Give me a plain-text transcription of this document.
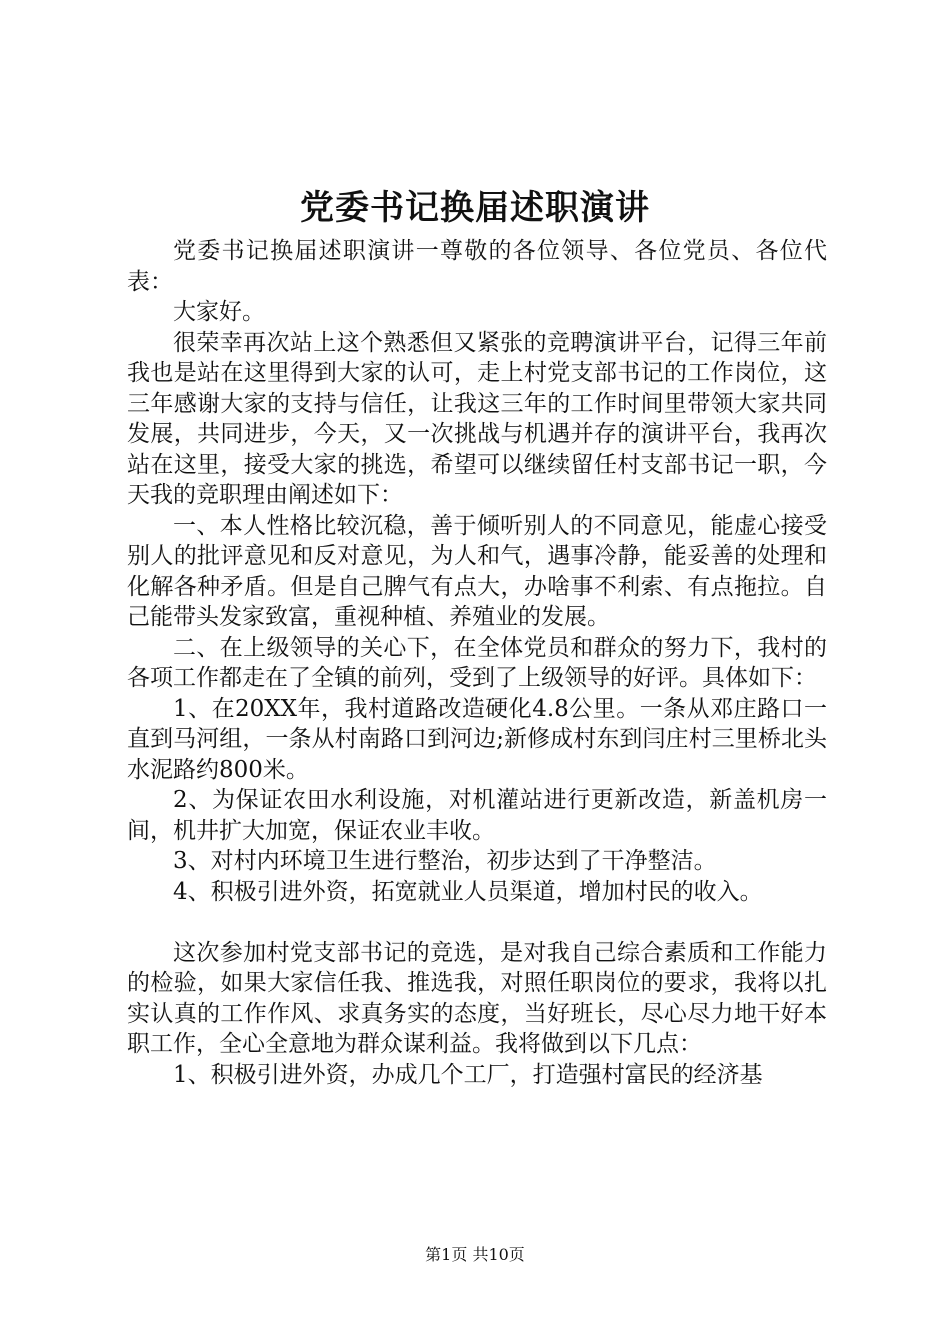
党委书记换届述职演讲

党委书记换届述职演讲一尊敬的各位领导、各位党员、各位代表：

大家好。

很荣幸再次站上这个熟悉但又紧张的竞聘演讲平台，记得三年前我也是站在这里得到大家的认可，走上村党支部书记的工作岗位，这三年感谢大家的支持与信任，让我这三年的工作时间里带领大家共同发展，共同进步，今天，又一次挑战与机遇并存的演讲平台，我再次站在这里，接受大家的挑选，希望可以继续留任村支部书记一职，今天我的竞职理由阐述如下：

一、本人性格比较沉稳，善于倾听别人的不同意见，能虚心接受别人的批评意见和反对意见，为人和气，遇事冷静，能妥善的处理和化解各种矛盾。但是自己脾气有点大，办啥事不利索、有点拖拉。自己能带头发家致富，重视种植、养殖业的发展。

二、在上级领导的关心下，在全体党员和群众的努力下，我村的各项工作都走在了全镇的前列，受到了上级领导的好评。具体如下：

1、在20XX年，我村道路改造硬化4.8公里。一条从邓庄路口一直到马河组，一条从村南路口到河边;新修成村东到闫庄村三里桥北头水泥路约800米。

2、为保证农田水利设施，对机灌站进行更新改造，新盖机房一间，机井扩大加宽，保证农业丰收。

3、对村内环境卫生进行整治，初步达到了干净整洁。

4、积极引进外资，拓宽就业人员渠道，增加村民的收入。

这次参加村党支部书记的竞选，是对我自己综合素质和工作能力的检验，如果大家信任我、推选我，对照任职岗位的要求，我将以扎实认真的工作作风、求真务实的态度，当好班长，尽心尽力地干好本职工作，全心全意地为群众谋利益。我将做到以下几点：

1、积极引进外资，办成几个工厂，打造强村富民的经济基

第1页 共10页
